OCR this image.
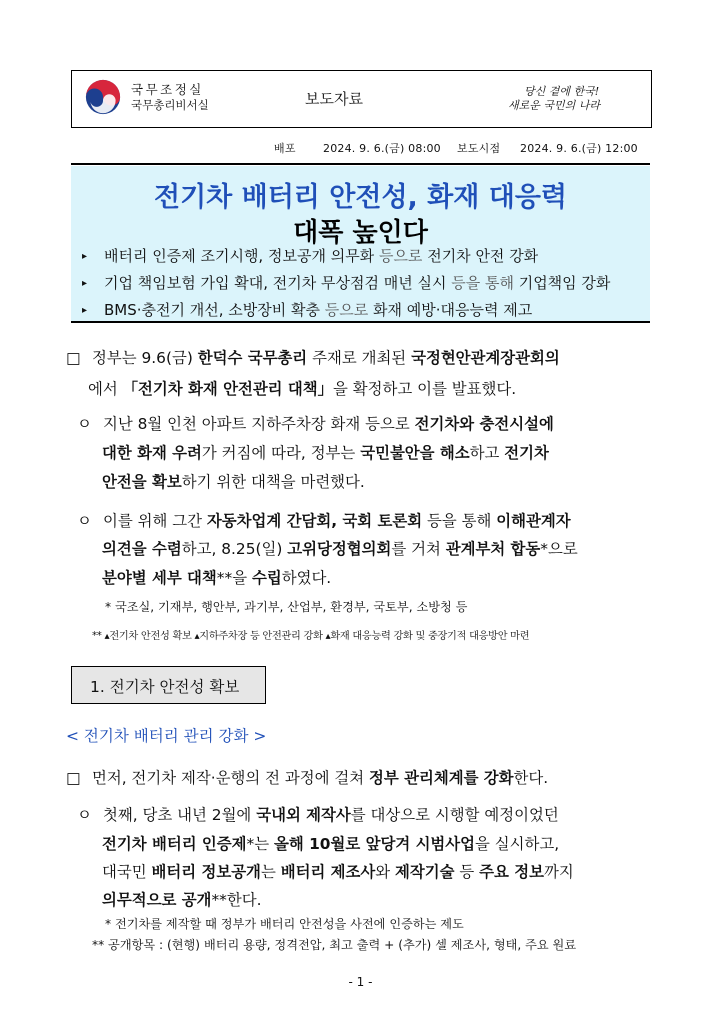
국무조정실
국무총리비서실	보도자료	당신 곁에 한국!
새로운 국민의 나라
배포 2024. 9. 6.(금) 08:00 보도시점 2024. 9. 6.(금) 12:00
전기차 배터리 안전성, 화재 대응력
대폭 높인다
▸ 배터리 인증제 조기시행, 정보공개 의무화 등으로 전기차 안전 강화
▸ 기업 책임보험 가입 확대, 전기차 무상점검 매년 실시 등을 통해 기업책임 강화
▸ BMS·충전기 개선, 소방장비 확충 등으로 화재 예방·대응능력 제고
□ 정부는 9.6(금) 한덕수 국무총리 주재로 개최된 국정현안관계장관회의
에서 「전기차 화재 안전관리 대책」을 확정하고 이를 발표했다.
ㅇ 지난 8월 인천 아파트 지하주차장 화재 등으로 전기차와 충전시설에
대한 화재 우려가 커짐에 따라, 정부는 국민불안을 해소하고 전기차
안전을 확보하기 위한 대책을 마련했다.
ㅇ 이를 위해 그간 자동차업계 간담회, 국회 토론회 등을 통해 이해관계자
의견을 수렴하고, 8.25(일) 고위당정협의회를 거쳐 관계부처 합동*으로
분야별 세부 대책**을 수립하였다.
* 국조실, 기재부, 행안부, 과기부, 산업부, 환경부, 국토부, 소방청 등
** ▴전기차 안전성 확보 ▴지하주차장 등 안전관리 강화 ▴화재 대응능력 강화 및 중장기적 대응방안 마련
1. 전기차 안전성 확보
< 전기차 배터리 관리 강화 >
□ 먼저, 전기차 제작·운행의 전 과정에 걸쳐 정부 관리체계를 강화한다.
ㅇ 첫째, 당초 내년 2월에 국내외 제작사를 대상으로 시행할 예정이었던
전기차 배터리 인증제*는 올해 10월로 앞당겨 시범사업을 실시하고,
대국민 배터리 정보공개는 배터리 제조사와 제작기술 등 주요 정보까지
의무적으로 공개**한다.
* 전기차를 제작할 때 정부가 배터리 안전성을 사전에 인증하는 제도
** 공개항목 : (현행) 배터리 용량, 정격전압, 최고 출력 + (추가) 셀 제조사, 형태, 주요 원료
- 1 -
